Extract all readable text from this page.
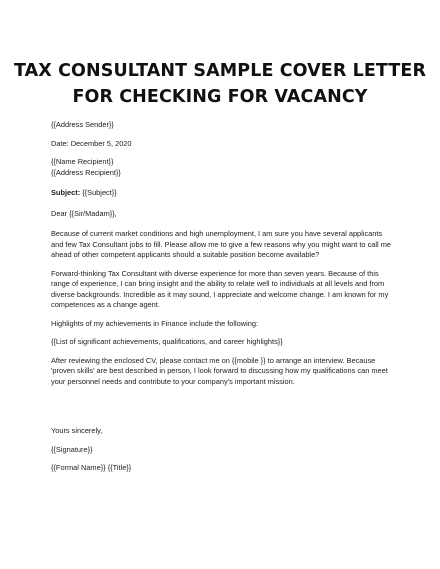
TAX CONSULTANT SAMPLE COVER LETTER
FOR CHECKING FOR VACANCY
{{Address Sender}}
Date: December 5, 2020
{{Name Recipient}}
{{Address Recipient}}
Subject: {{Subject}}
Dear {{Sir/Madam}},
Because of current market conditions and high unemployment, I am sure you have several applicants
and few Tax Consultant jobs to fill. Please allow me to give a few reasons why you might want to call me
ahead of other competent applicants should a suitable position become available?
Forward-thinking Tax Consultant with diverse experience for more than seven years. Because of this
range of experience, I can bring insight and the ability to relate well to individuals at all levels and from
diverse backgrounds. Incredible as it may sound, I appreciate and welcome change. I am known for my
competences as a change agent.
Highlights of my achievements in Finance include the following:
{{List of significant achievements, qualifications, and career highlights}}
After reviewing the enclosed CV, please contact me on {{mobile }} to arrange an interview. Because
'proven skills' are best described in person, I look forward to discussing how my qualifications can meet
your personnel needs and contribute to your company's important mission.
Yours sincerely,
{{Signature}}
{{Formal Name}} {{Title}}
